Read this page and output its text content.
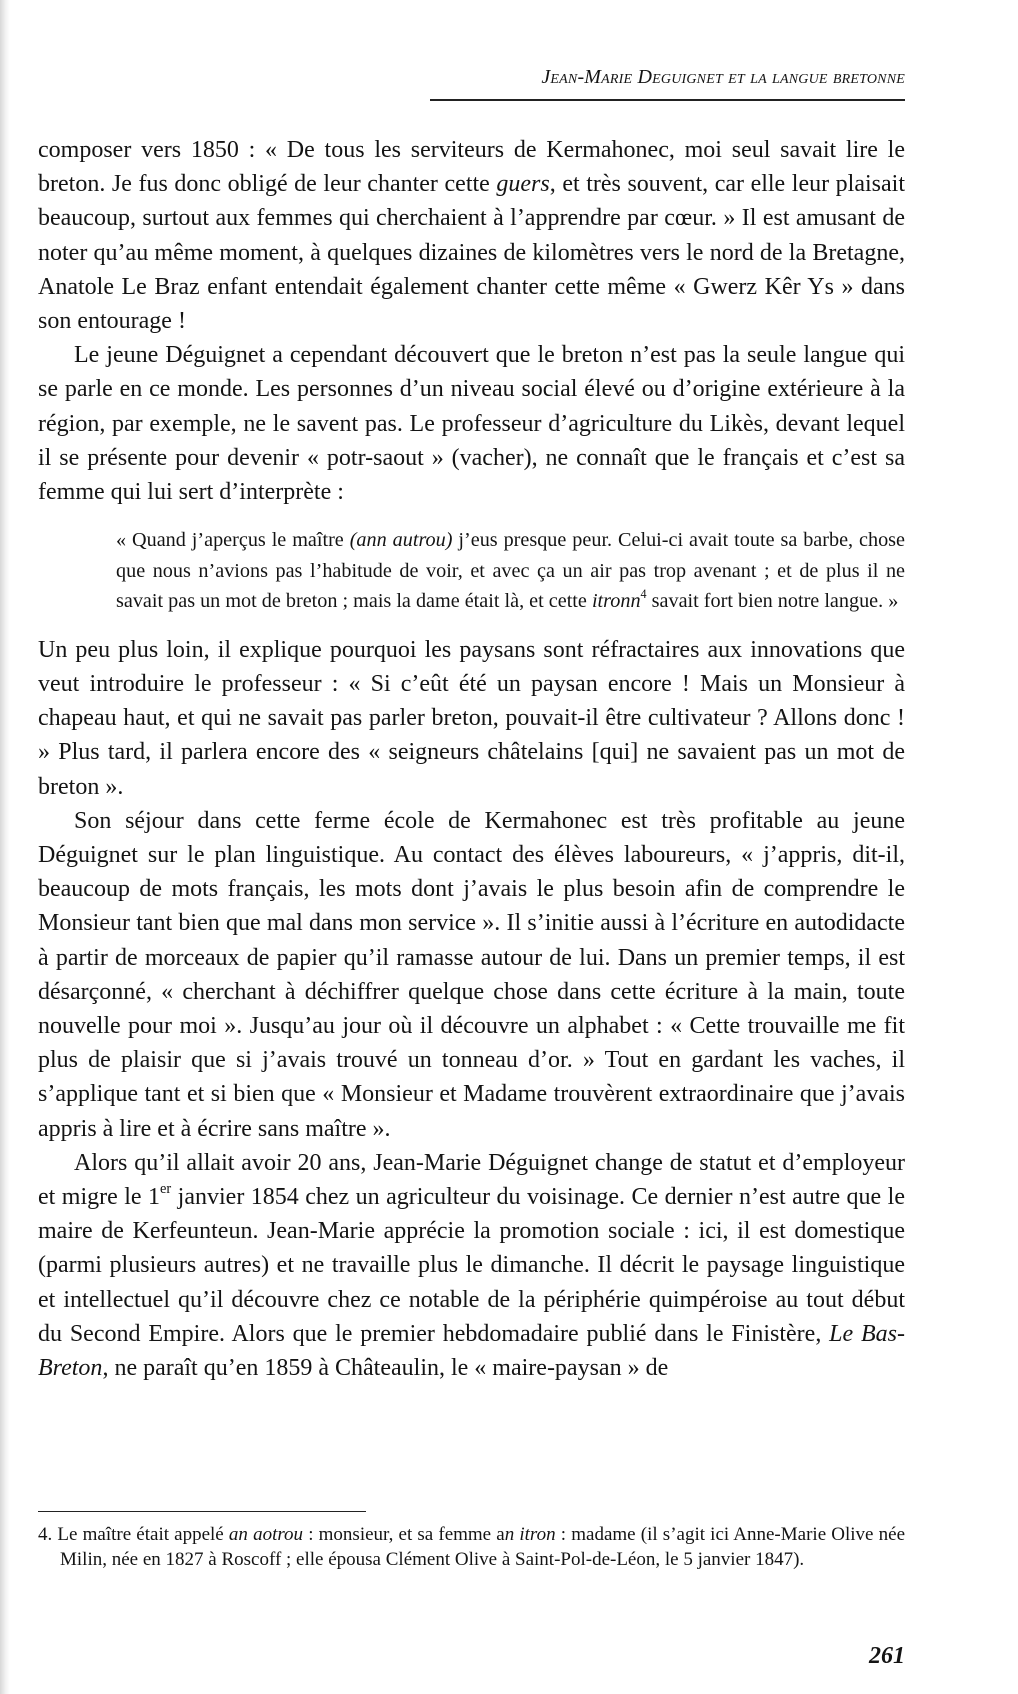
Jean-Marie Deguignet et la langue bretonne

composer vers 1850 : « De tous les serviteurs de Kermahonec, moi seul savait lire le breton. Je fus donc obligé de leur chanter cette guers, et très souvent, car elle leur plaisait beaucoup, surtout aux femmes qui cherchaient à l’apprendre par cœur. » Il est amusant de noter qu’au même moment, à quelques dizaines de kilomètres vers le nord de la Bretagne, Anatole Le Braz enfant entendait également chanter cette même « Gwerz Kêr Ys » dans son entourage !

Le jeune Déguignet a cependant découvert que le breton n’est pas la seule langue qui se parle en ce monde. Les personnes d’un niveau social élevé ou d’origine extérieure à la région, par exemple, ne le savent pas. Le professeur d’agriculture du Likès, devant lequel il se présente pour devenir « potr-saout » (vacher), ne connaît que le français et c’est sa femme qui lui sert d’interprète :

« Quand j’aperçus le maître (ann autrou) j’eus presque peur. Celui-ci avait toute sa barbe, chose que nous n’avions pas l’habitude de voir, et avec ça un air pas trop avenant ; et de plus il ne savait pas un mot de breton ; mais la dame était là, et cette itronn$^4$ savait fort bien notre langue. »

Un peu plus loin, il explique pourquoi les paysans sont réfractaires aux innovations que veut introduire le professeur : « Si c’eût été un paysan encore ! Mais un Monsieur à chapeau haut, et qui ne savait pas parler breton, pouvait-il être cultivateur ? Allons donc ! » Plus tard, il parlera encore des « seigneurs châtelains [qui] ne savaient pas un mot de breton ».

Son séjour dans cette ferme école de Kermahonec est très profitable au jeune Déguignet sur le plan linguistique. Au contact des élèves laboureurs, « j’appris, dit-il, beaucoup de mots français, les mots dont j’avais le plus besoin afin de comprendre le Monsieur tant bien que mal dans mon service ». Il s’initie aussi à l’écriture en autodidacte à partir de morceaux de papier qu’il ramasse autour de lui. Dans un premier temps, il est désarçonné, « cherchant à déchiffrer quelque chose dans cette écriture à la main, toute nouvelle pour moi ». Jusqu’au jour où il découvre un alphabet : « Cette trouvaille me fit plus de plaisir que si j’avais trouvé un tonneau d’or. » Tout en gardant les vaches, il s’applique tant et si bien que « Monsieur et Madame trouvèrent extraordinaire que j’avais appris à lire et à écrire sans maître ».

Alors qu’il allait avoir 20 ans, Jean-Marie Déguignet change de statut et d’employeur et migre le 1er janvier 1854 chez un agriculteur du voisinage. Ce dernier n’est autre que le maire de Kerfeunteun. Jean-Marie apprécie la promotion sociale : ici, il est domestique (parmi plusieurs autres) et ne travaille plus le dimanche. Il décrit le paysage linguistique et intellectuel qu’il découvre chez ce notable de la périphérie quimpéroise au tout début du Second Empire. Alors que le premier hebdomadaire publié dans le Finistère, Le Bas-Breton, ne paraît qu’en 1859 à Châteaulin, le « maire-paysan » de

4. Le maître était appelé an aotrou : monsieur, et sa femme an itron : madame (il s’agit ici Anne-Marie Olive née Milin, née en 1827 à Roscoff ; elle épousa Clément Olive à Saint-Pol-de-Léon, le 5 janvier 1847).
261
